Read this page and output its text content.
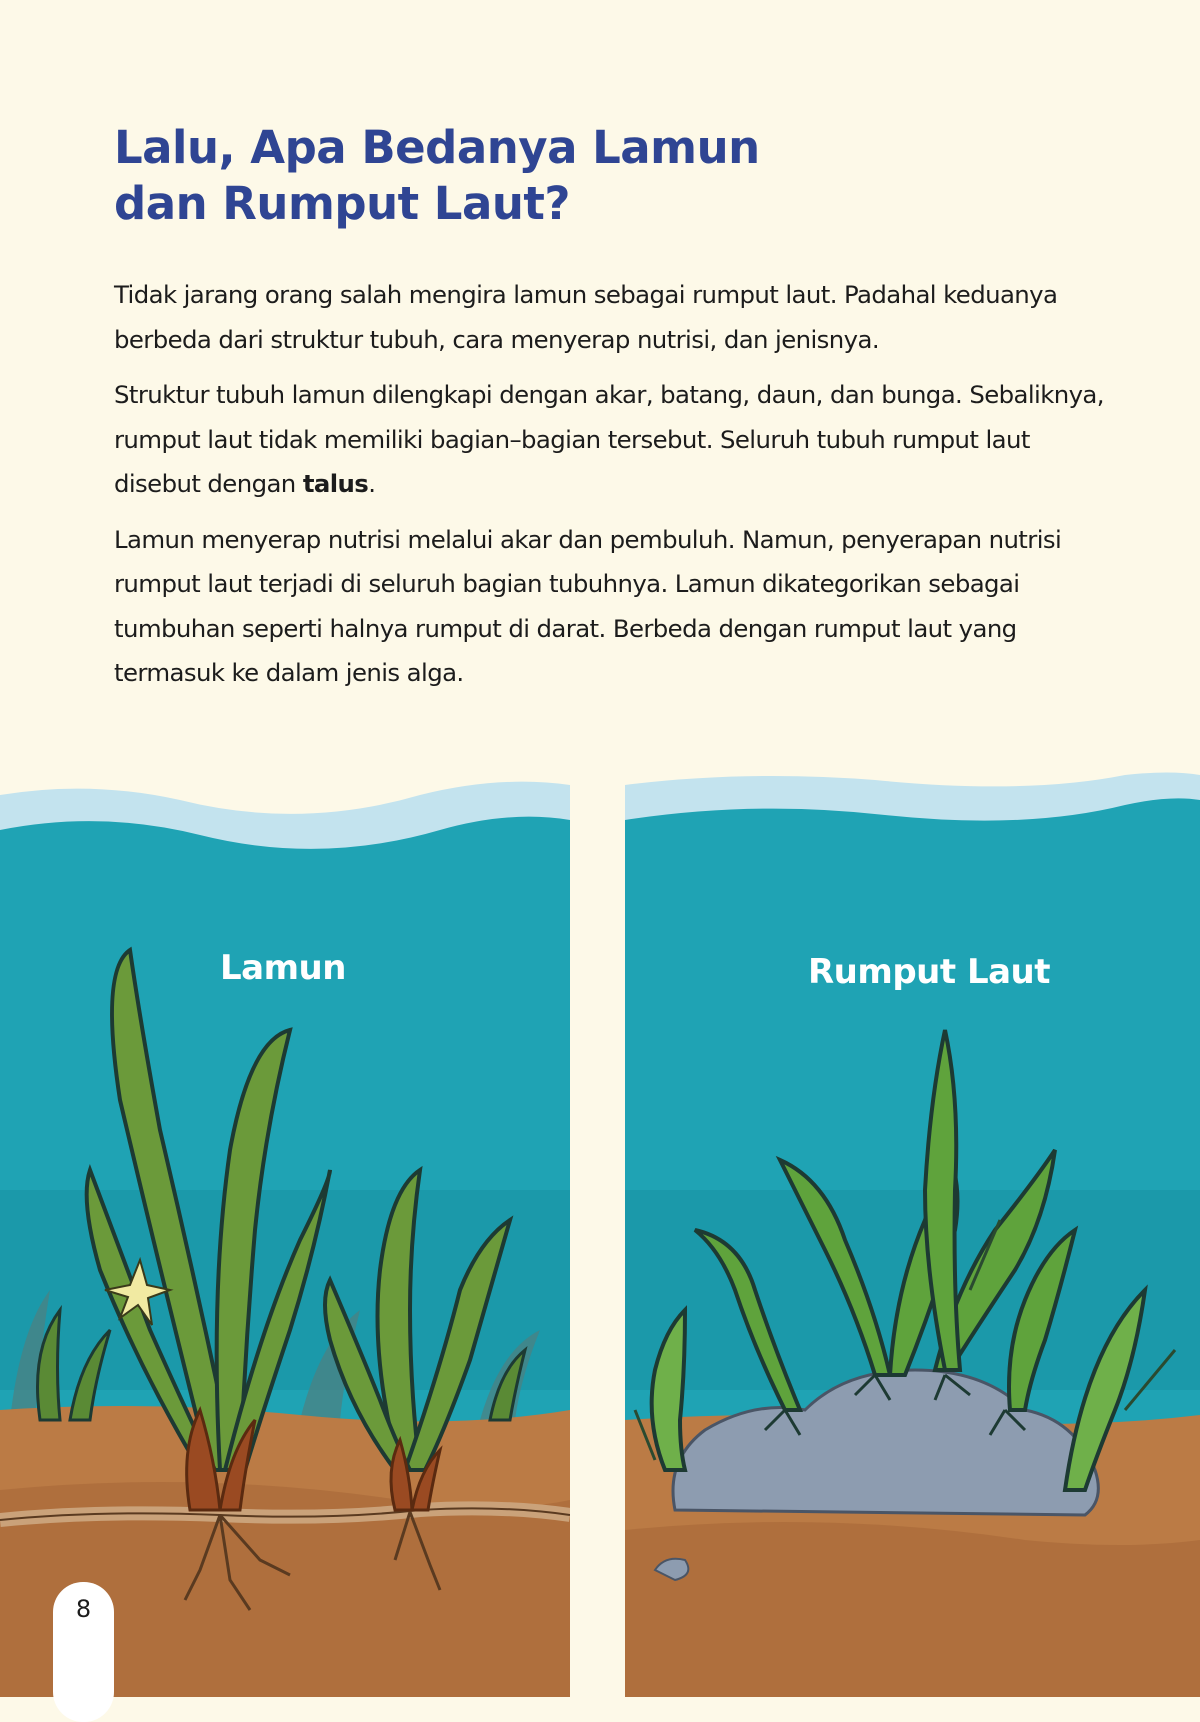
Lalu, Apa Bedanya Lamun
dan Rumput Laut?

Tidak jarang orang salah mengira lamun sebagai rumput laut. Padahal keduanya berbeda dari struktur tubuh, cara menyerap nutrisi, dan jenisnya.

Struktur tubuh lamun dilengkapi dengan akar, batang, daun, dan bunga. Sebaliknya, rumput laut tidak memiliki bagian–bagian tersebut. Seluruh tubuh rumput laut disebut dengan talus.

Lamun menyerap nutrisi melalui akar dan pembuluh. Namun, penyerapan nutrisi rumput laut terjadi di seluruh bagian tubuhnya. Lamun dikategorikan sebagai tumbuhan seperti halnya rumput di darat. Berbeda dengan rumput laut yang termasuk ke dalam jenis alga.

Lamun	Rumput Laut
8
